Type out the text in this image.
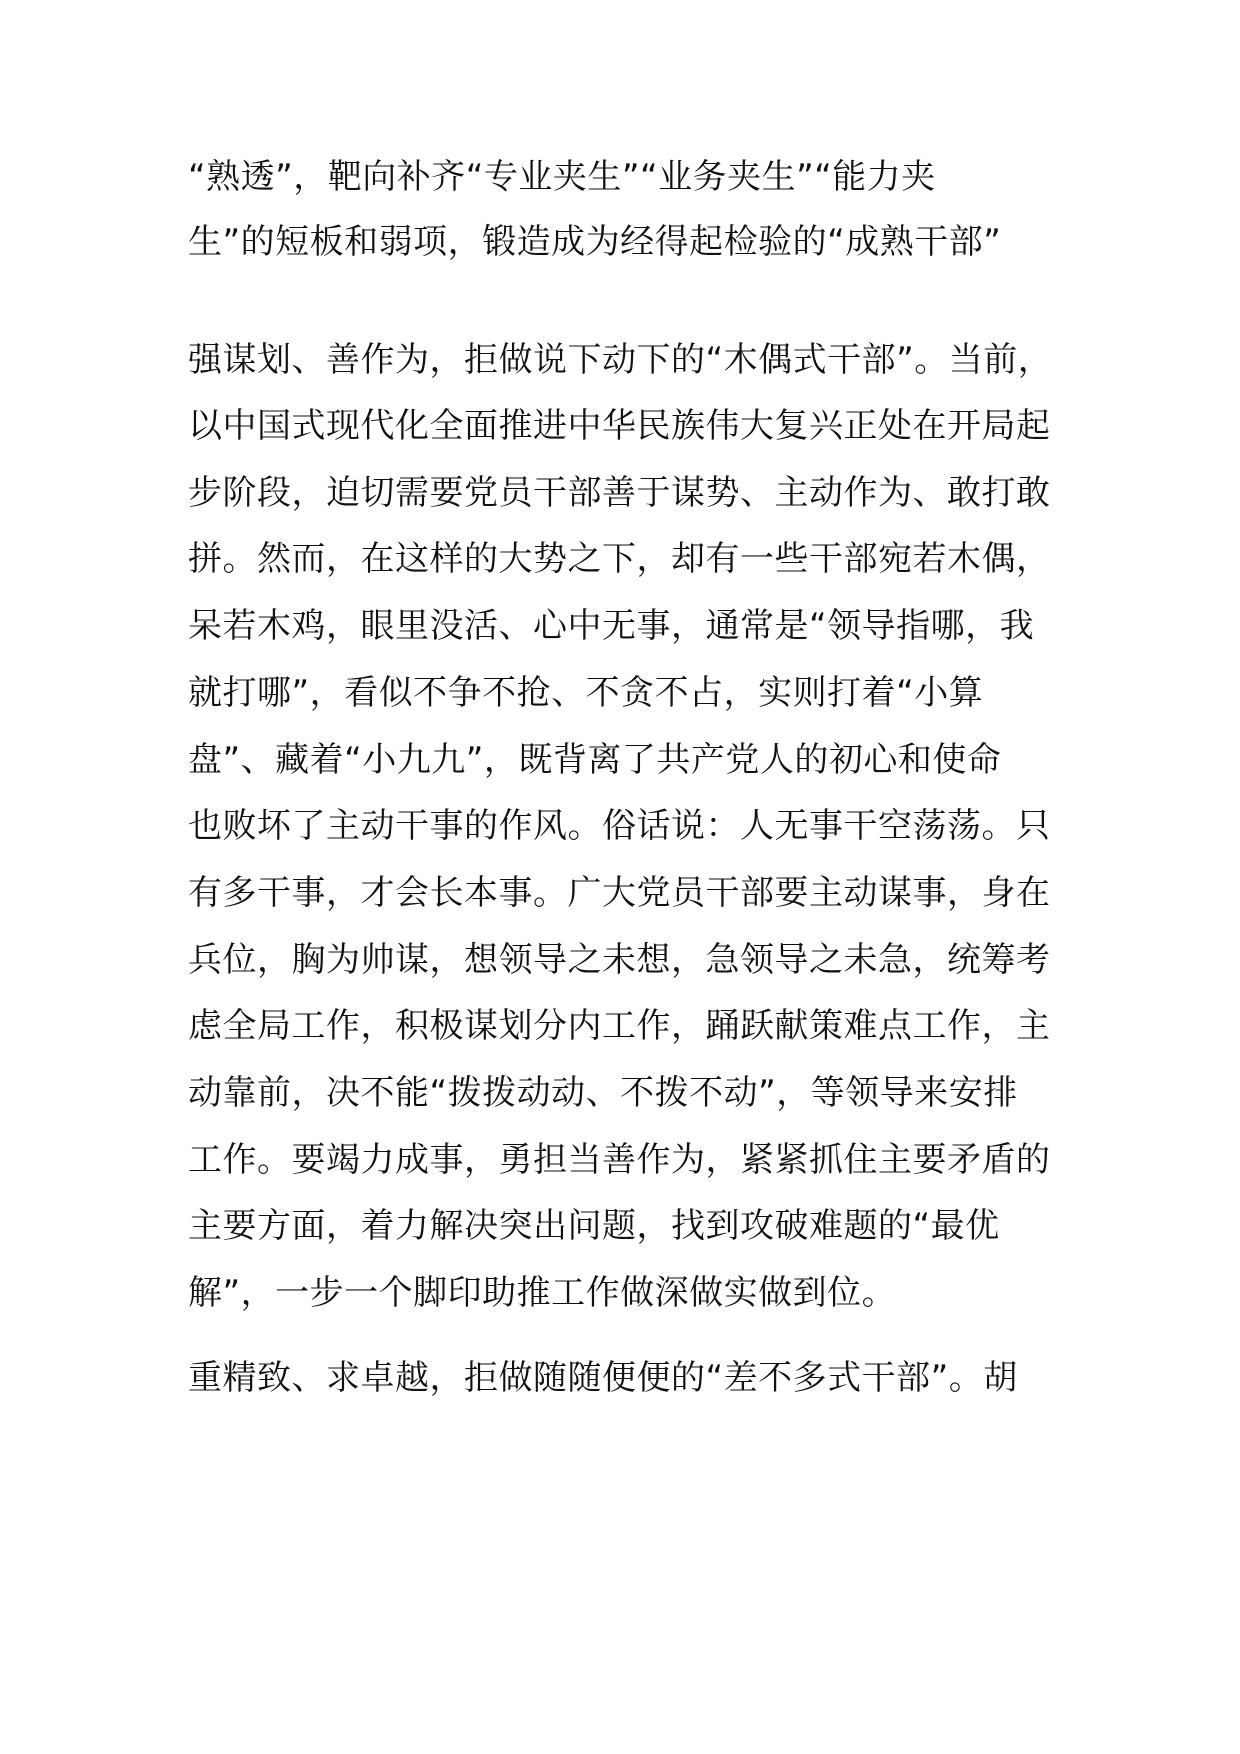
“熟透”，靶向补齐“专业夹生”“业务夹生”“能力夹
生”的短板和弱项，锻造成为经得起检验的“成熟干部”
强谋划、善作为，拒做说下动下的“木偶式干部”。当前，
以中国式现代化全面推进中华民族伟大复兴正处在开局起
步阶段，迫切需要党员干部善于谋势、主动作为、敢打敢
拼。然而，在这样的大势之下，却有一些干部宛若木偶，
呆若木鸡，眼里没活、心中无事，通常是“领导指哪，我
就打哪”，看似不争不抢、不贪不占，实则打着“小算
盘”、藏着“小九九”，既背离了共产党人的初心和使命
也败坏了主动干事的作风。俗话说：人无事干空荡荡。只
有多干事，才会长本事。广大党员干部要主动谋事，身在
兵位，胸为帅谋，想领导之未想，急领导之未急，统筹考
虑全局工作，积极谋划分内工作，踊跃献策难点工作，主
动靠前，决不能“拨拨动动、不拨不动”，等领导来安排
工作。要竭力成事，勇担当善作为，紧紧抓住主要矛盾的
主要方面，着力解决突出问题，找到攻破难题的“最优
解”，一步一个脚印助推工作做深做实做到位。
重精致、求卓越，拒做随随便便的“差不多式干部”。胡
